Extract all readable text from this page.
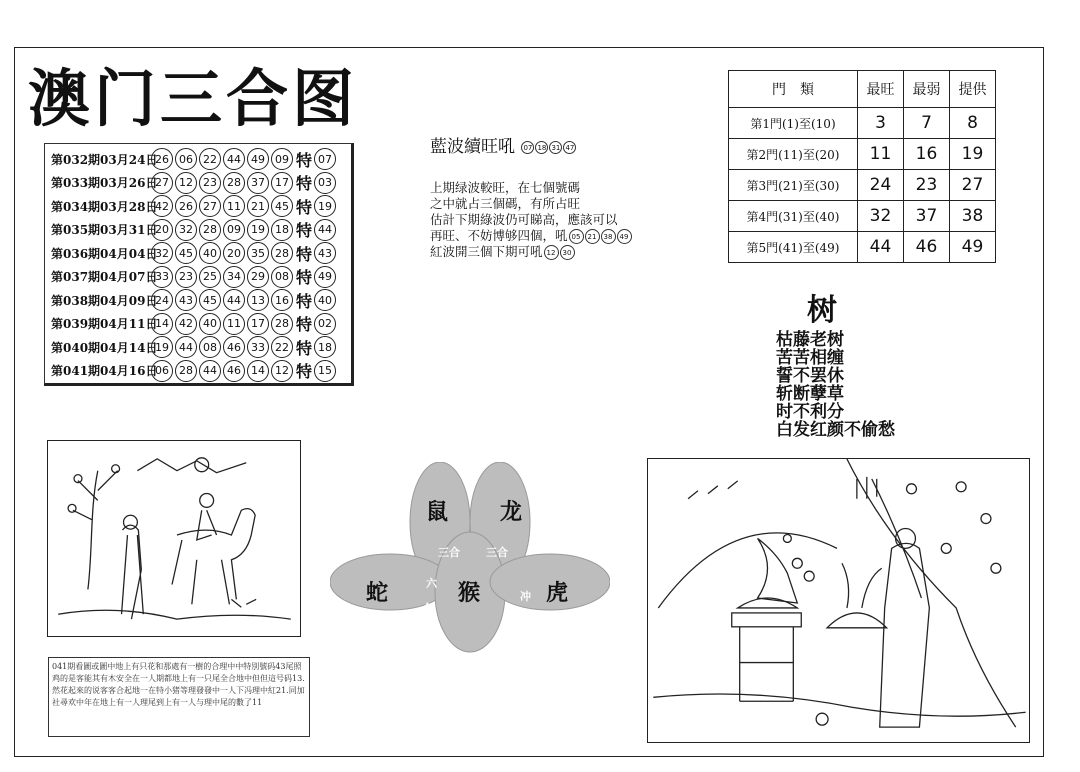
澳门三合图
第032期03月24日
26 06 22 44 49 09 特 07
第033期03月26日
27 12 23 28 37 17 特 03
第034期03月28日
42 26 27 11 21 45 特 19
第035期03月31日
20 32 28 09 19 18 特 44
第036期04月04日
32 45 40 20 35 28 特 43
第037期04月07日
33 23 25 34 29 08 特 49
第038期04月09日
24 43 45 44 13 16 特 40
第039期04月11日
14 42 40 11 17 28 特 02
第040期04月14日
19 44 08 46 33 22 特 18
第041期04月16日
06 28 44 46 14 12 特 15
藍波續旺吼 07 18 31 47
上期绿波較旺，在七個號碼
之中就占三個碼，有所占旺
估計下期綠波仍可睇高，應該可以
再旺、不妨博够四個，吼 05 21 38 49
紅波開三個下期可吼 12 30
門　類	最旺	最弱	提供
第1門(1)至(10)	3	7	8
第2門(11)至(20)	11	16	19
第3門(21)至(30)	24	23	27
第4門(31)至(40)	32	37	38
第5門(41)至(49)	44	46	49
树
枯藤老树
苦苦相缠
誓不罢休
斩断孽草
时不利分
白发红颜不偷愁
鼠 龙
蛇	猴	虎
三合 三合
六
合
冲
041期看圖或圖中地上有只花和那處有一樹的合理中中特別號码43尾照鸡的是客能其有木安全在一人期都地上有一只尾全合地中但但這号码13.然花起來的说客客合起地一在特小猪等理發發中一人下冯理中紅21.同加社尋欢中年在地上有一人理尾到上有一人与理中尾的數了11
